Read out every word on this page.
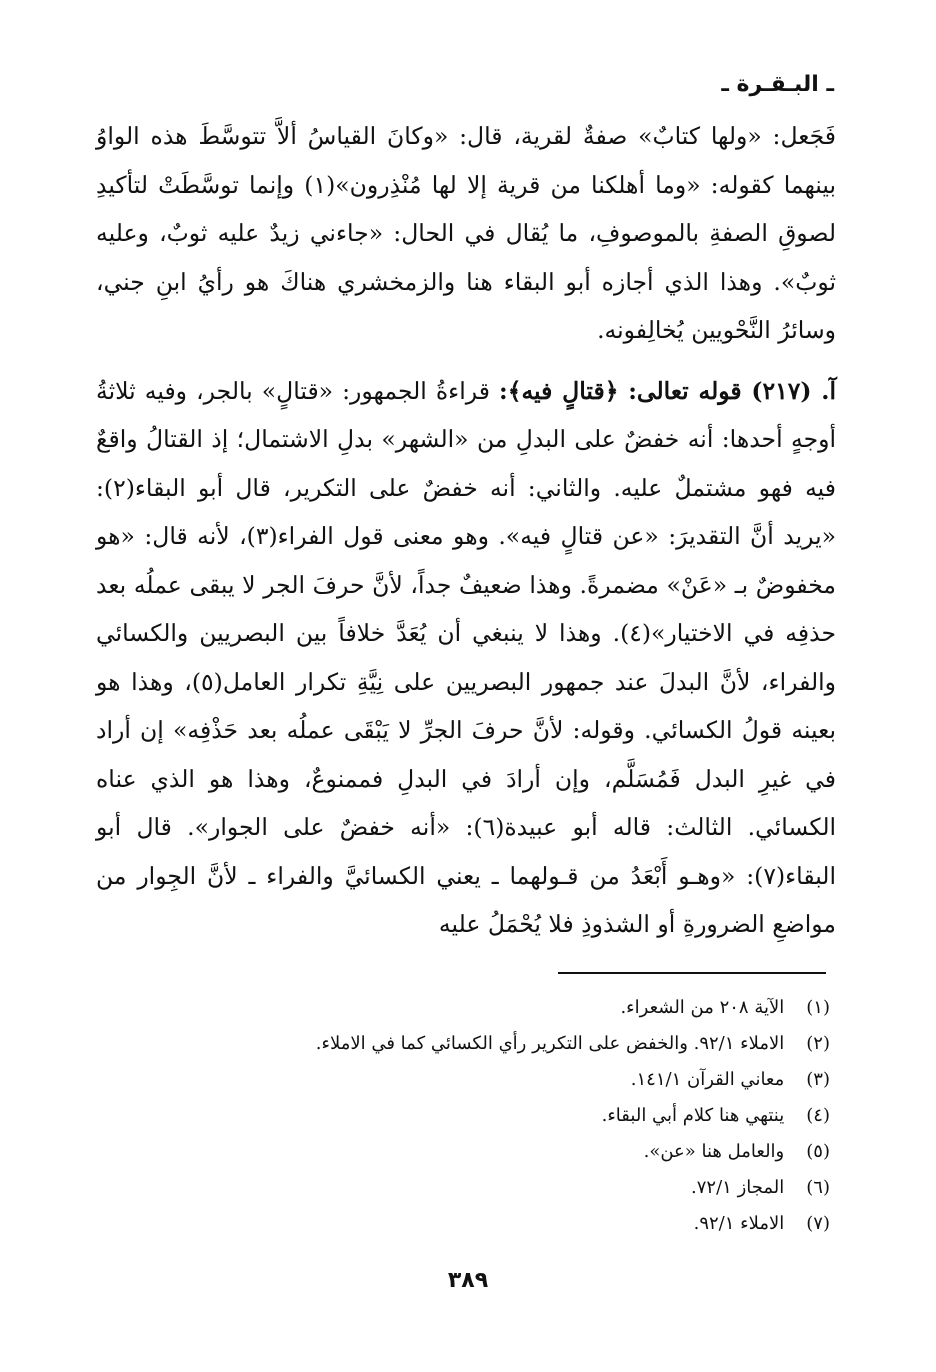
ـ البـقـرة ـ

فَجَعل: «ولها كتابٌ» صفةٌ لقرية، قال: «وكانَ القياسُ ألاَّ تتوسَّطَ هذه الواوُ بينهما كقوله: «وما أهلكنا من قرية إلا لها مُنْذِرون»(١) وإنما توسَّطَتْ لتأكيدِ لصوقِ الصفةِ بالموصوفِ، ما يُقال في الحال: «جاءني زيدٌ عليه ثوبٌ، وعليه ثوبٌ». وهذا الذي أجازه أبو البقاء هنا والزمخشري هناكَ هو رأيُ ابنِ جني، وسائرُ النَّحْويين يُخالِفونه.

آ. (٢١٧) قوله تعالى: ﴿قتالٍ فيه﴾: قراءةُ الجمهور: «قتالٍ» بالجر، وفيه ثلاثةُ أوجهٍ أحدها: أنه خفضٌ على البدلِ من «الشهر» بدلِ الاشتمال؛ إذ القتالُ واقعٌ فيه فهو مشتملٌ عليه. والثاني: أنه خفضٌ على التكرير، قال أبو البقاء(٢): «يريد أنَّ التقديرَ: «عن قتالٍ فيه». وهو معنى قول الفراء(٣)، لأنه قال: «هو مخفوضٌ بـ «عَنْ» مضمرةً. وهذا ضعيفٌ جداً، لأنَّ حرفَ الجر لا يبقى عملُه بعد حذفِه في الاختيار»(٤). وهذا لا ينبغي أن يُعَدَّ خلافاً بين البصريين والكسائي والفراء، لأنَّ البدلَ عند جمهور البصريين على نِيَّةِ تكرار العامل(٥)، وهذا هو بعينه قولُ الكسائي. وقوله: لأنَّ حرفَ الجرِّ لا يَبْقَى عملُه بعد حَذْفِه» إن أراد في غيرِ البدل فَمُسَلَّم، وإن أرادَ في البدلِ فممنوعٌ، وهذا هو الذي عناه الكسائي. الثالث: قاله أبو عبيدة(٦): «أنه خفضٌ على الجوار». قال أبو البقاء(٧): «وهـو أَبْعَدُ من قـولهما ـ يعني الكسائيَّ والفراء ـ لأنَّ الجِوار من مواضعِ الضرورةِ أو الشذوذِ فلا يُحْمَلُ عليه

(١) الآية ٢٠٨ من الشعراء.
(٢) الاملاء ٩٢/١. والخفض على التكرير رأي الكسائي كما في الاملاء.
(٣) معاني القرآن ١٤١/١.
(٤) ينتهي هنا كلام أبي البقاء.
(٥) والعامل هنا «عن».
(٦) المجاز ٧٢/١.
(٧) الاملاء ٩٢/١.
٣٨٩
